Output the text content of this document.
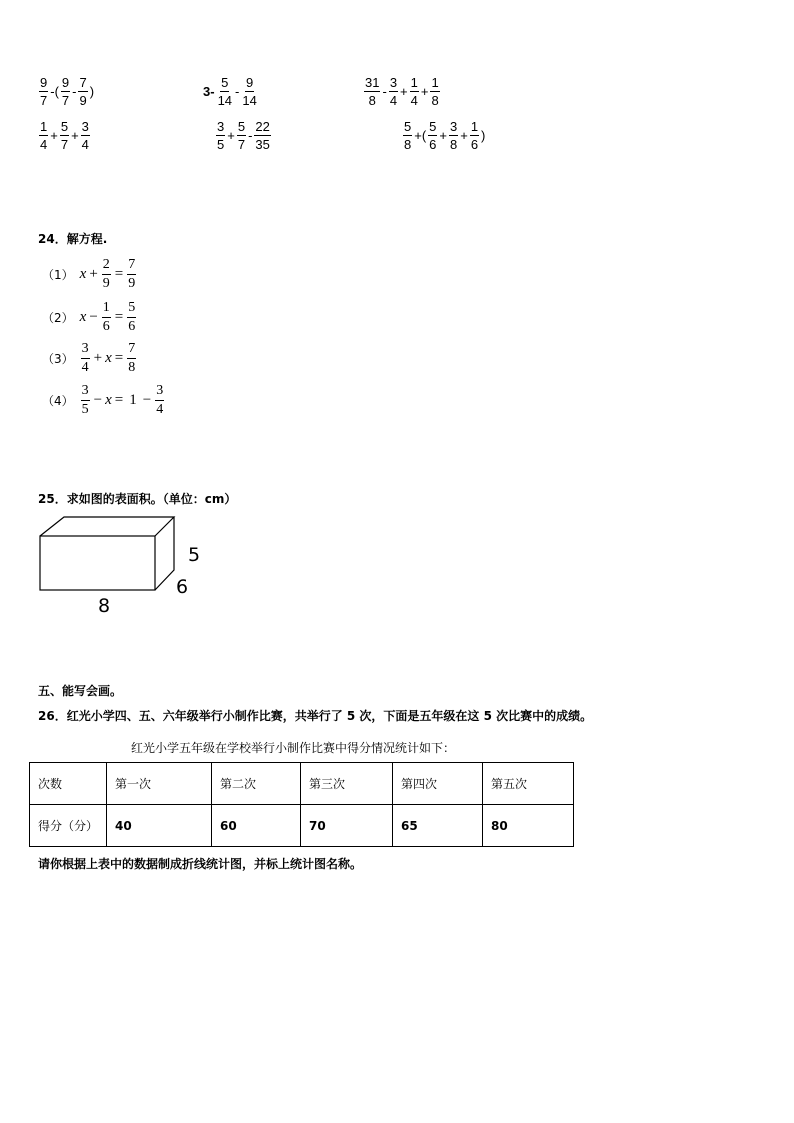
$\frac{9}{7}$ -( $\frac{9}{7} - \frac{7}{9}$ )	$3- \frac{5}{14} - \frac{9}{14}$	$\frac{31}{8} - \frac{3}{4} + \frac{1}{4} + \frac{1}{8}$
$\frac{1}{4} + \frac{5}{7} + \frac{3}{4}$	$\frac{3}{5} + \frac{5}{7} - \frac{22}{35}$	$\frac{5}{8}$ +( $\frac{5}{6} + \frac{3}{8} + \frac{1}{6}$ )
24．解方程.
（1） $x + \frac{2}{9} = \frac{7}{9}$
（2） $x - \frac{1}{6} = \frac{5}{6}$
$(3) \frac{3}{4} + x = \frac{7}{8}$
$(4) \frac{3}{5} - x = 1 - \frac{3}{4}$
25．求如图的表面积。（单位：cm）
5
6
8
五、能写会画。
26．红光小学四、五、六年级举行小制作比赛，共举行了 5 次，下面是五年级在这 5 次比赛中的成绩。
红光小学五年级在学校举行小制作比赛中得分情况统计如下：
次数	第一次	第二次	第三次	第四次	第五次
得分（分）	40	60	70	65	80
请你根据上表中的数据制成折线统计图，并标上统计图名称。
